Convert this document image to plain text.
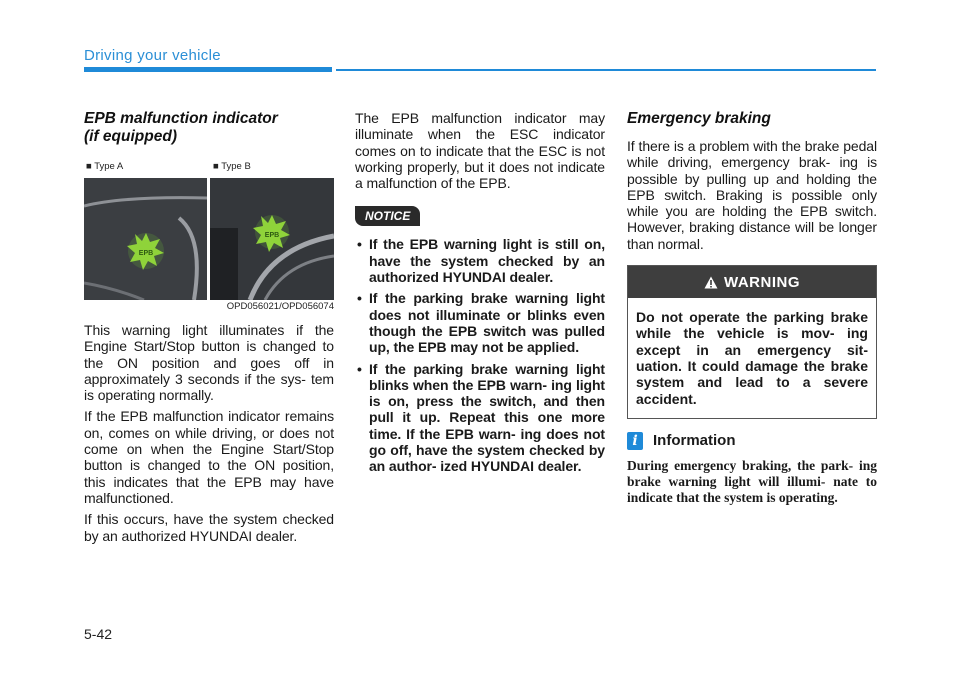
Driving your vehicle
EPB malfunction indicator
(if equipped)
■ Type A	■ Type B
EPB
EPB
OPD056021/OPD056074

This warning light illuminates if the Engine Start/Stop button is changed to the ON position and goes off in approximately 3 seconds if the sys- tem is operating normally.

If the EPB malfunction indicator remains on, comes on while driving, or does not come on when the Engine Start/Stop button is changed to the ON position, this indicates that the EPB may have malfunctioned.

If this occurs, have the system checked by an authorized HYUNDAI dealer.

The EPB malfunction indicator may illuminate when the ESC indicator comes on to indicate that the ESC is not working properly, but it does not indicate a malfunction of the EPB.

NOTICE
• If the EPB warning light is still on, have the system checked by an authorized HYUNDAI dealer.
• If the parking brake warning light does not illuminate or blinks even though the EPB switch was pulled up, the EPB may not be applied.
• If the parking brake warning light blinks when the EPB warn- ing light is on, press the switch, and then pull it up. Repeat this one more time. If the EPB warn- ing does not go off, have the system checked by an author- ized HYUNDAI dealer.
Emergency braking

If there is a problem with the brake pedal while driving, emergency brak- ing is possible by pulling up and holding the EPB switch. Braking is possible only while you are holding the EPB switch. However, braking distance will be longer than normal.

WARNING
Do not operate the parking brake while the vehicle is mov- ing except in an emergency sit- uation. It could damage the brake system and lead to a severe accident.
i	Information
During emergency braking, the park- ing brake warning light will illumi- nate to indicate that the system is operating.
5-42
